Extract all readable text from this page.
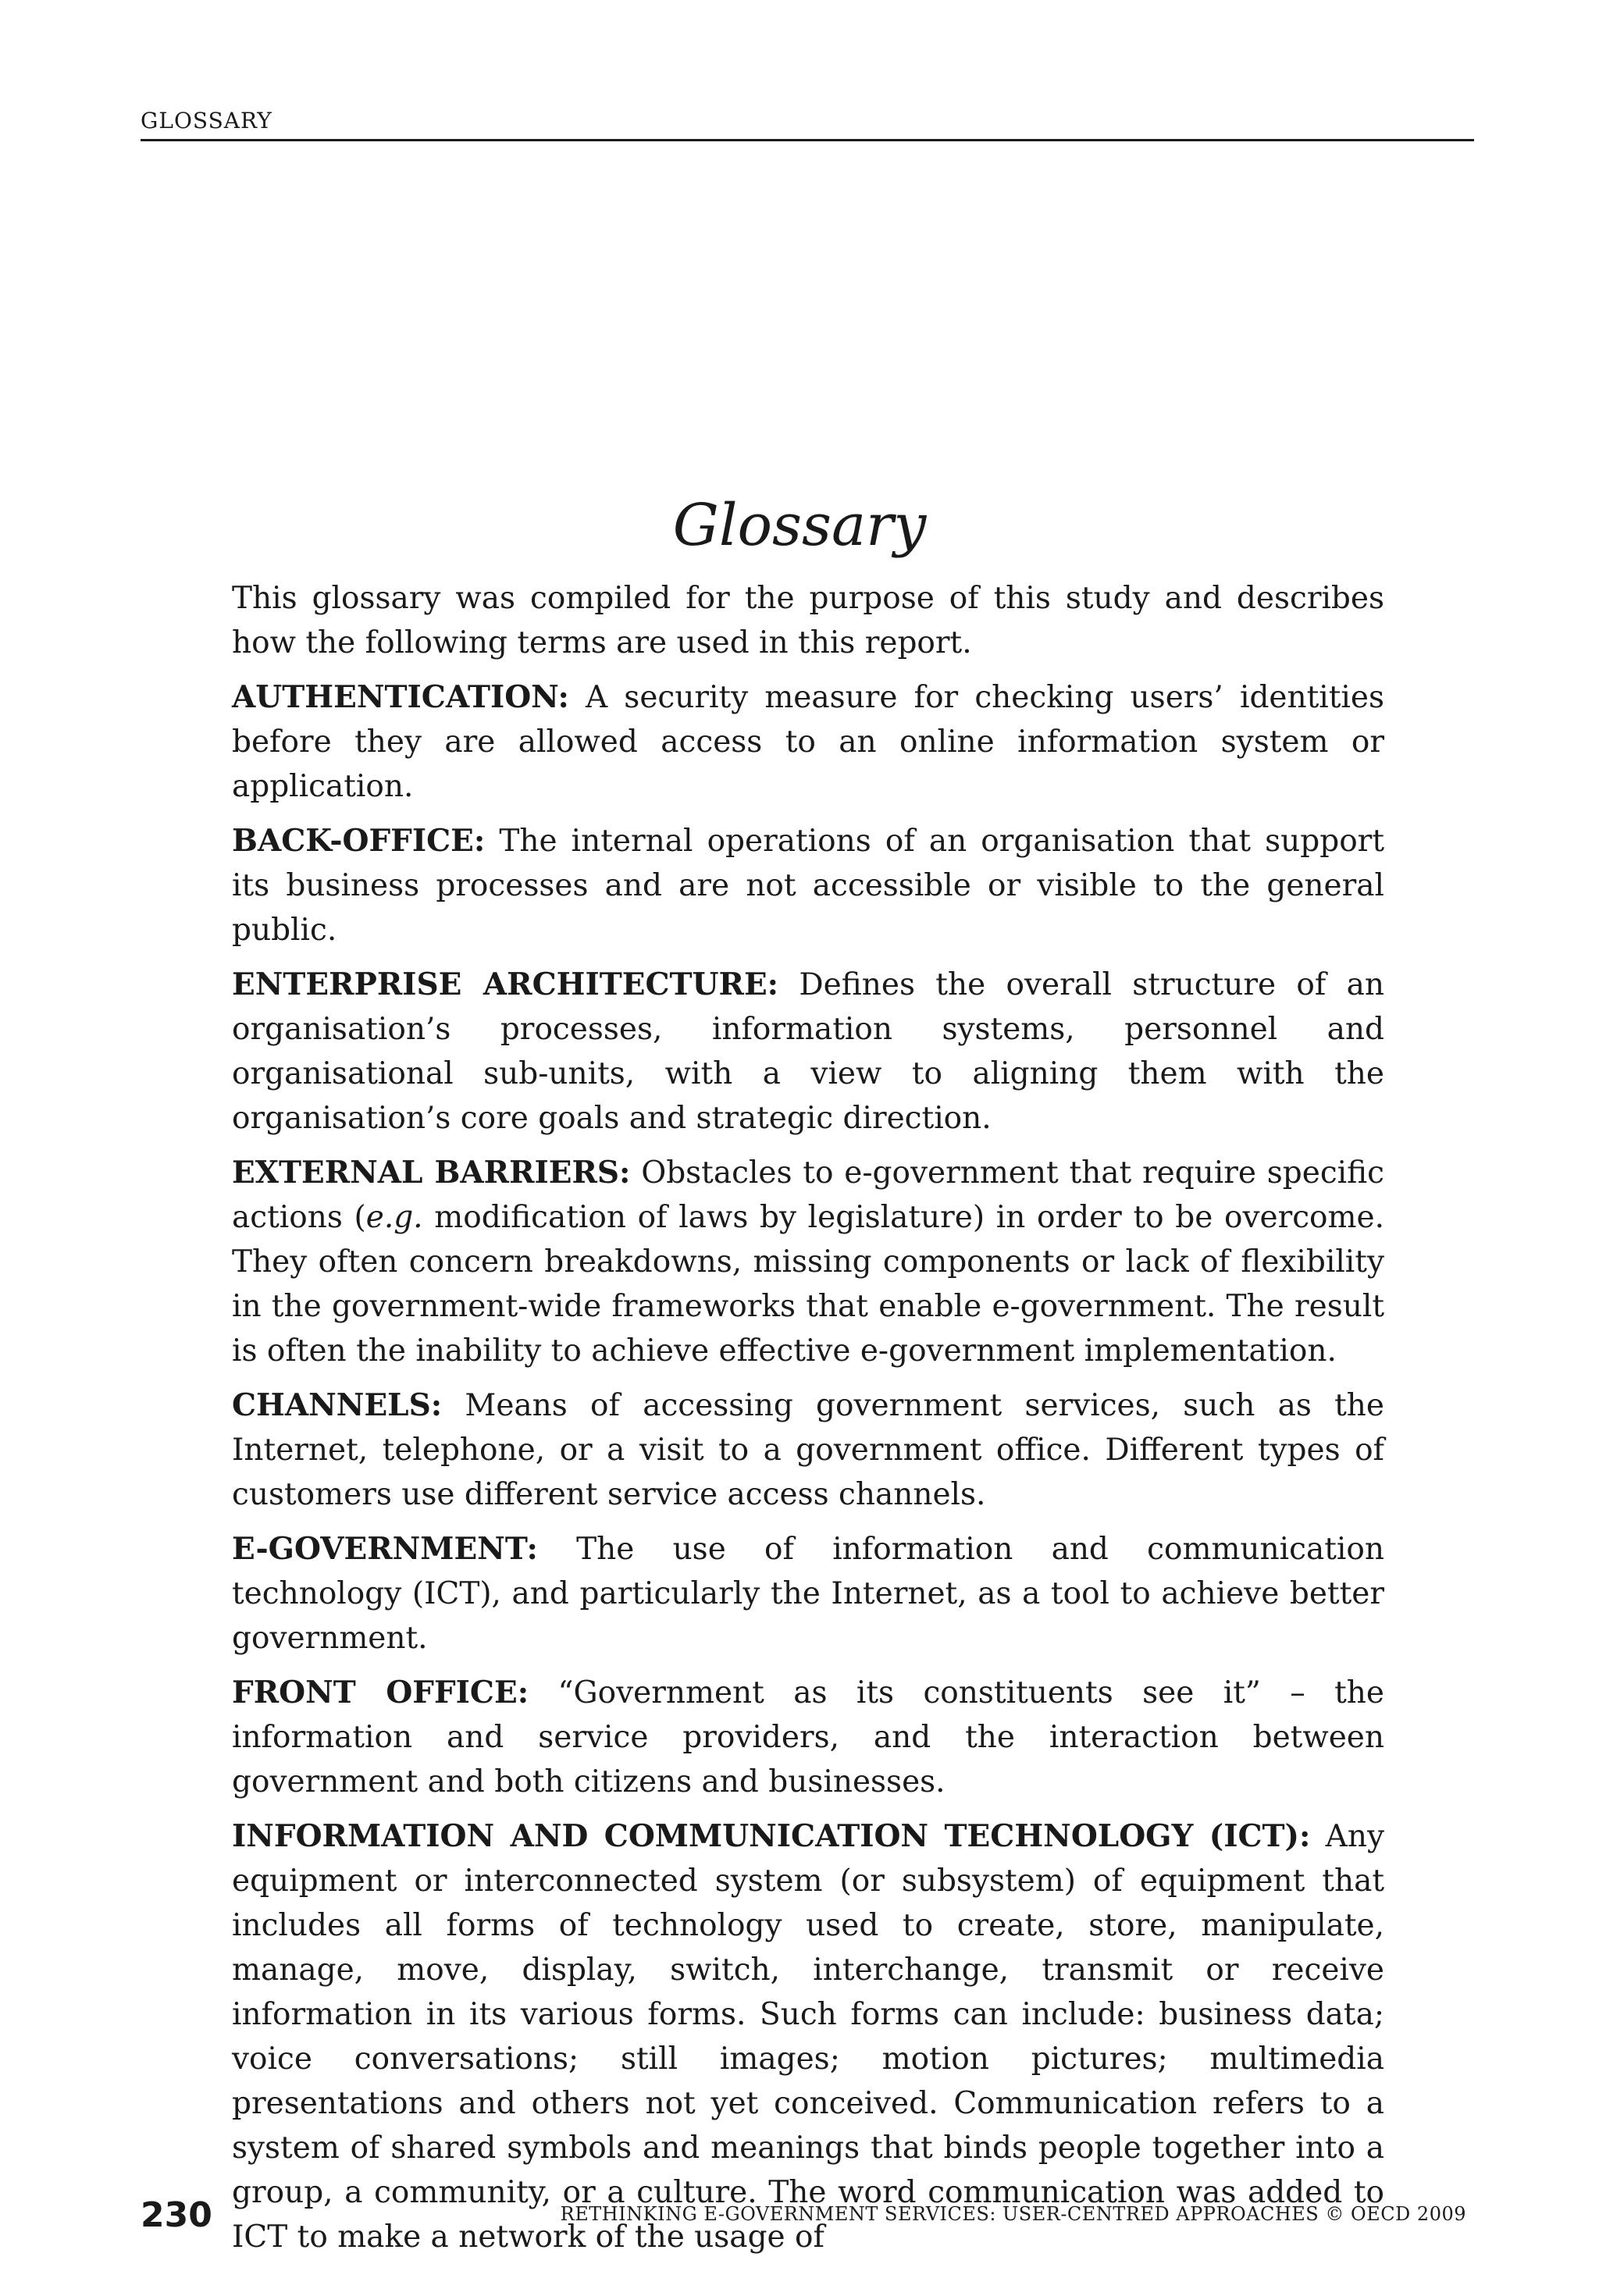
GLOSSARY
Glossary

This glossary was compiled for the purpose of this study and describes how the following terms are used in this report.

AUTHENTICATION: A security measure for checking users’ identities before they are allowed access to an online information system or application.

BACK-OFFICE: The internal operations of an organisation that support its business processes and are not accessible or visible to the general public.

ENTERPRISE ARCHITECTURE: Defines the overall structure of an organisation’s processes, information systems, personnel and organisational sub-units, with a view to aligning them with the organisation’s core goals and strategic direction.

EXTERNAL BARRIERS: Obstacles to e-government that require specific actions (e.g. modification of laws by legislature) in order to be overcome. They often concern breakdowns, missing components or lack of flexibility in the government-wide frameworks that enable e-government. The result is often the inability to achieve effective e-government implementation.

CHANNELS: Means of accessing government services, such as the Internet, telephone, or a visit to a government office. Different types of customers use different service access channels.

E-GOVERNMENT: The use of information and communication technology (ICT), and particularly the Internet, as a tool to achieve better government.

FRONT OFFICE: “Government as its constituents see it” – the information and service providers, and the interaction between government and both citizens and businesses.

INFORMATION AND COMMUNICATION TECHNOLOGY (ICT): Any equipment or interconnected system (or subsystem) of equipment that includes all forms of technology used to create, store, manipulate, manage, move, display, switch, interchange, transmit or receive information in its various forms. Such forms can include: business data; voice conversations; still images; motion pictures; multimedia presentations and others not yet conceived. Communication refers to a system of shared symbols and meanings that binds people together into a group, a community, or a culture. The word communication was added to ICT to make a network of the usage of

230	RETHINKING E-GOVERNMENT SERVICES: USER-CENTRED APPROACHES © OECD 2009
